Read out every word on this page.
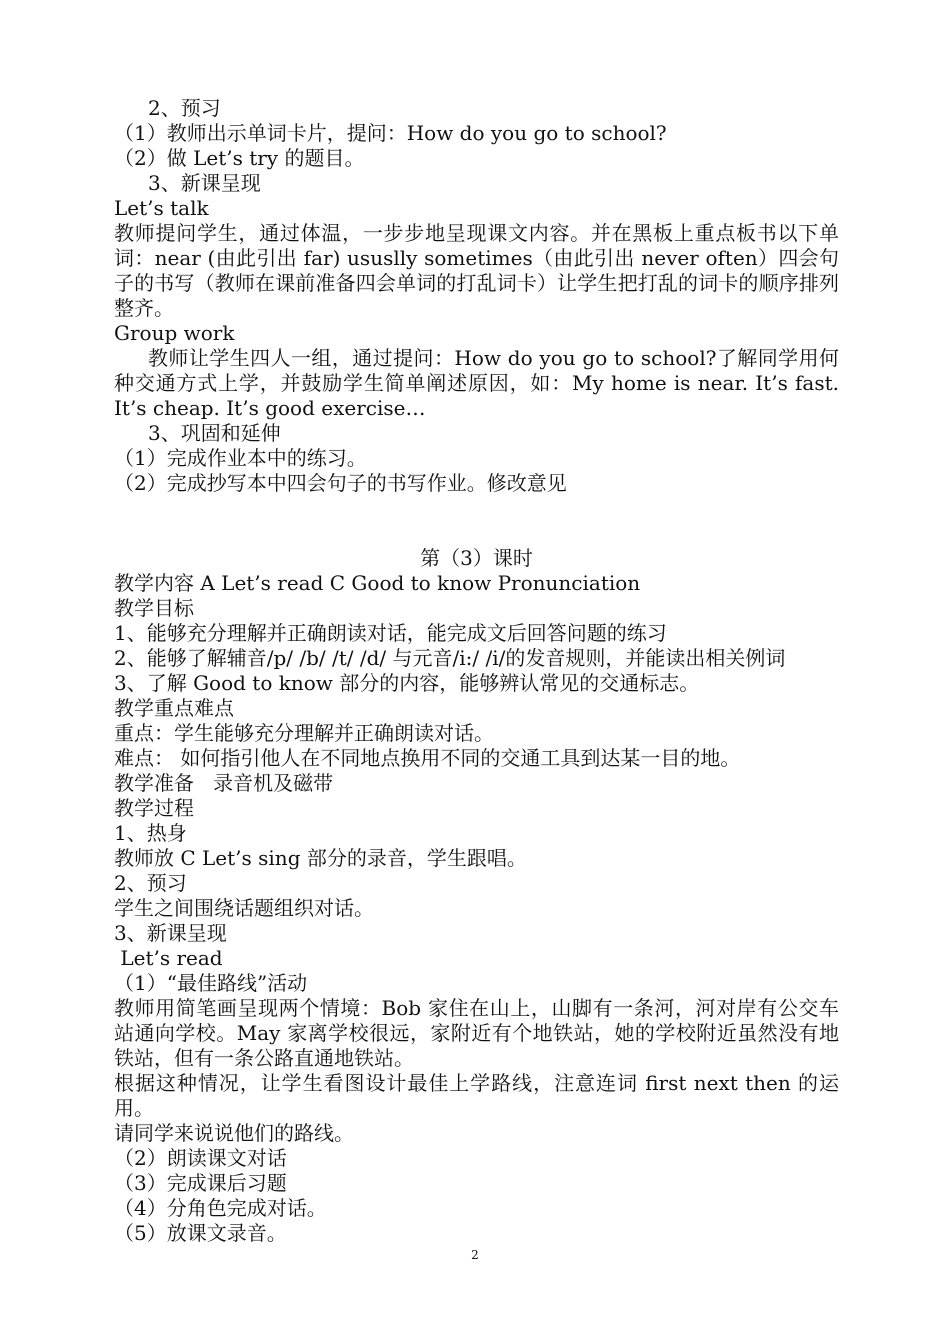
2、预习
（1）教师出示单词卡片，提问：How do you go to school?
（2）做 Let’s try 的题目。
3、新课呈现
Let’s talk
教师提问学生，通过体温，一步步地呈现课文内容。并在黑板上重点板书以下单词：near (由此引出 far) ususlly sometimes（由此引出 never often）四会句子的书写（教师在课前准备四会单词的打乱词卡）让学生把打乱的词卡的顺序排列整齐。
Group work
教师让学生四人一组，通过提问：How do you go to school?了解同学用何种交通方式上学，并鼓励学生简单阐述原因，如：My home is near. It’s fast. It’s cheap. It’s good exercise…
3、巩固和延伸
（1）完成作业本中的练习。
（2）完成抄写本中四会句子的书写作业。修改意见
第（3）课时
教学内容 A Let’s read C Good to know Pronunciation
教学目标
1、能够充分理解并正确朗读对话，能完成文后回答问题的练习
2、能够了解辅音/p/ /b/ /t/ /d/ 与元音/i:/ /i/的发音规则，并能读出相关例词
3、了解 Good to know 部分的内容，能够辨认常见的交通标志。
教学重点难点
重点：学生能够充分理解并正确朗读对话。
难点： 如何指引他人在不同地点换用不同的交通工具到达某一目的地。
教学准备   录音机及磁带
教学过程
1、热身
教师放 C Let’s sing 部分的录音，学生跟唱。
2、预习
学生之间围绕话题组织对话。
3、新课呈现
Let’s read
（1）“最佳路线”活动
教师用简笔画呈现两个情境：Bob 家住在山上，山脚有一条河，河对岸有公交车站通向学校。May 家离学校很远，家附近有个地铁站，她的学校附近虽然没有地铁站，但有一条公路直通地铁站。
根据这种情况，让学生看图设计最佳上学路线，注意连词 first next then 的运用。
请同学来说说他们的路线。
（2）朗读课文对话
（3）完成课后习题
（4）分角色完成对话。
（5）放课文录音。
2
